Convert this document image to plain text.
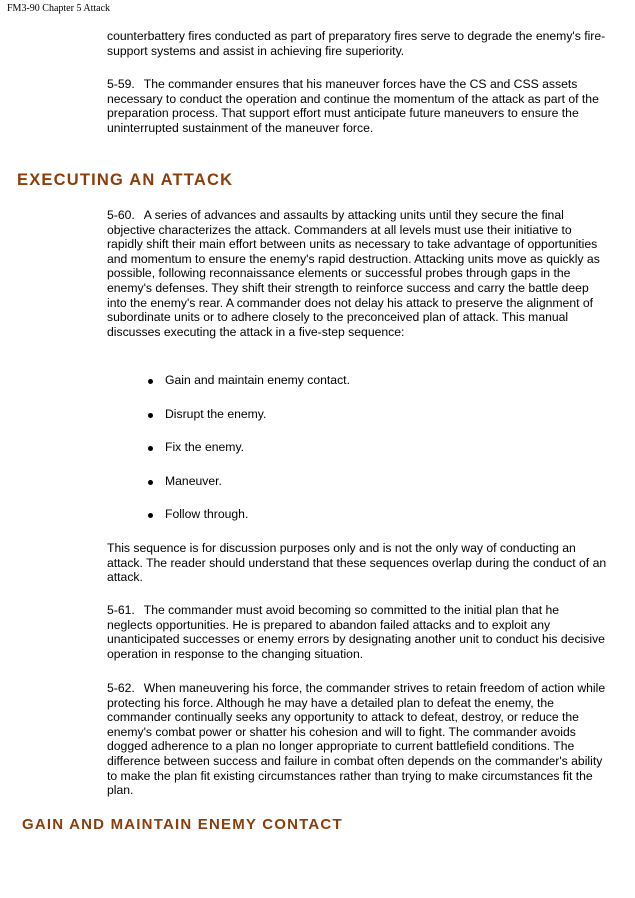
FM3-90 Chapter 5 Attack

counterbattery fires conducted as part of preparatory fires serve to degrade the enemy's fire-support systems and assist in achieving fire superiority.

5-59. The commander ensures that his maneuver forces have the CS and CSS assets necessary to conduct the operation and continue the momentum of the attack as part of the preparation process. That support effort must anticipate future maneuvers to ensure the uninterrupted sustainment of the maneuver force.

EXECUTING AN ATTACK

5-60. A series of advances and assaults by attacking units until they secure the final objective characterizes the attack. Commanders at all levels must use their initiative to rapidly shift their main effort between units as necessary to take advantage of opportunities and momentum to ensure the enemy's rapid destruction. Attacking units move as quickly as possible, following reconnaissance elements or successful probes through gaps in the enemy's defenses. They shift their strength to reinforce success and carry the battle deep into the enemy's rear. A commander does not delay his attack to preserve the alignment of subordinate units or to adhere closely to the preconceived plan of attack. This manual discusses executing the attack in a five-step sequence:

Gain and maintain enemy contact.
Disrupt the enemy.
Fix the enemy.
Maneuver.
Follow through.

This sequence is for discussion purposes only and is not the only way of conducting an attack. The reader should understand that these sequences overlap during the conduct of an attack.

5-61. The commander must avoid becoming so committed to the initial plan that he neglects opportunities. He is prepared to abandon failed attacks and to exploit any unanticipated successes or enemy errors by designating another unit to conduct his decisive operation in response to the changing situation.

5-62. When maneuvering his force, the commander strives to retain freedom of action while protecting his force. Although he may have a detailed plan to defeat the enemy, the commander continually seeks any opportunity to attack to defeat, destroy, or reduce the enemy's combat power or shatter his cohesion and will to fight. The commander avoids dogged adherence to a plan no longer appropriate to current battlefield conditions. The difference between success and failure in combat often depends on the commander's ability to make the plan fit existing circumstances rather than trying to make circumstances fit the plan.

GAIN AND MAINTAIN ENEMY CONTACT
